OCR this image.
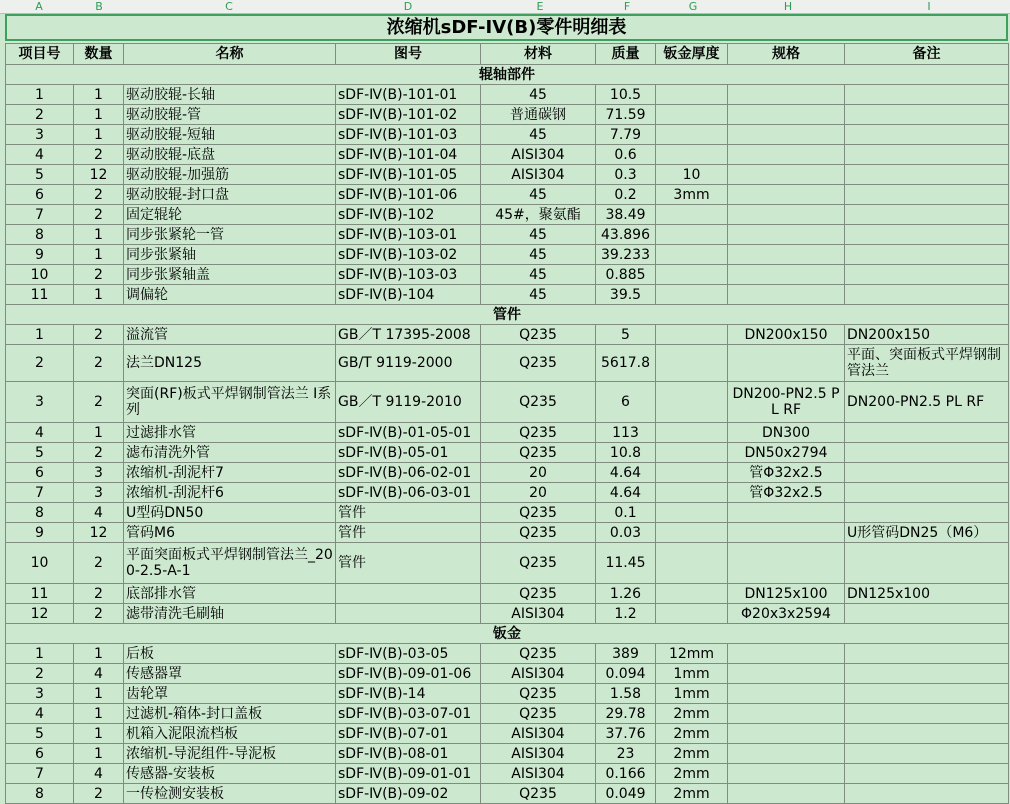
A	B	C	D	E	F	G	H	I
浓缩机sDF-IV(B)零件明细表
项目号	数量	名称	图号	材料	质量	钣金厚度	规格	备注
辊轴部件								
1	1	驱动胶辊-长轴	sDF-Ⅳ(B)-101-01	45	10.5			
2	1	驱动胶辊-管	sDF-Ⅳ(B)-101-02	普通碳钢	71.59			
3	1	驱动胶辊-短轴	sDF-Ⅳ(B)-101-03	45	7.79			
4	2	驱动胶辊-底盘	sDF-Ⅳ(B)-101-04	AISI304	0.6			
5	12	驱动胶辊-加强筋	sDF-Ⅳ(B)-101-05	AISI304	0.3	10		
6	2	驱动胶辊-封口盘	sDF-Ⅳ(B)-101-06	45	0.2	3mm		
7	2	固定辊轮	sDF-Ⅳ(B)-102	45#，聚氨酯	38.49			
8	1	同步张紧轮一管	sDF-Ⅳ(B)-103-01	45	43.896			
9	1	同步张紧轴	sDF-Ⅳ(B)-103-02	45	39.233			
10	2	同步张紧轴盖	sDF-Ⅳ(B)-103-03	45	0.885			
11	1	调偏轮	sDF-Ⅳ(B)-104	45	39.5			
管件								
1	2	溢流管	GB／T 17395-2008	Q235	5		DN200x150	DN200x150
2	2	法兰DN125	GB/T 9119-2000	Q235	5617.8			平面、突面板式平焊钢制管法兰
3	2	突面(RF)板式平焊钢制管法兰 Ⅰ系列	GB／T 9119-2010	Q235	6		DN200-PN2.5 PL RF	DN200-PN2.5 PL RF
4	1	过滤排水管	sDF-Ⅳ(B)-01-05-01	Q235	113		DN300	
5	2	滤布清洗外管	sDF-Ⅳ(B)-05-01	Q235	10.8		DN50x2794	
6	3	浓缩机-刮泥杆7	sDF-Ⅳ(B)-06-02-01	20	4.64		管Φ32x2.5	
7	3	浓缩机-刮泥杆6	sDF-Ⅳ(B)-06-03-01	20	4.64		管Φ32x2.5	
8	4	U型码DN50	管件	Q235	0.1			
9	12	管码M6	管件	Q235	0.03			U形管码DN25（M6）
10	2	平面突面板式平焊钢制管法兰_200-2.5-A-1	管件	Q235	11.45			
11	2	底部排水管		Q235	1.26		DN125x100	DN125x100
12	2	滤带清洗毛刷轴		AISI304	1.2		Φ20x3x2594	
钣金								
1	1	后板	sDF-Ⅳ(B)-03-05	Q235	389	12mm		
2	4	传感器罩	sDF-Ⅳ(B)-09-01-06	AISI304	0.094	1mm		
3	1	齿轮罩	sDF-Ⅳ(B)-14	Q235	1.58	1mm		
4	1	过滤机-箱体-封口盖板	sDF-Ⅳ(B)-03-07-01	Q235	29.78	2mm		
5	1	机箱入泥限流档板	sDF-Ⅳ(B)-07-01	AISI304	37.76	2mm		
6	1	浓缩机-导泥组件-导泥板	sDF-Ⅳ(B)-08-01	AISI304	23	2mm		
7	4	传感器-安装板	sDF-Ⅳ(B)-09-01-01	AISI304	0.166	2mm		
8	2	一传检测安装板	sDF-Ⅳ(B)-09-02	Q235	0.049	2mm		
